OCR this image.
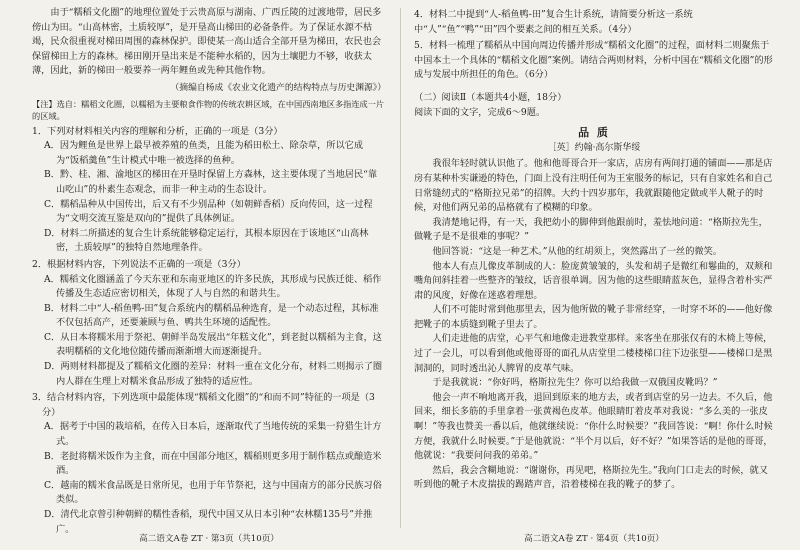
由于“糯稻文化圈”的地理位置处于云贵高原与湖南、广西丘陵的过渡地带，居民多傍山为田。“山高林密，土质较厚”，是开垦高山梯田的必备条件。为了保证水源不枯竭，民众很重视对梯田周围的森林保护。即使某一高山适合全部开垦为梯田，农民也会保留梯田上方的森林。梯田刚开垦出来是不能种水稻的，因为土壤肥力不够，收获太薄，因此，新的梯田一般要养一两年鲤鱼或先种其他作物。

（摘编自杨成《农业文化遗产的结构特点与历史渊源》）

【注】选自：糯稻文化圈，以糯稻为主要粮食作物的传统农耕区域，在中国西南地区多指连成一片的区域。

1．下列对材料相关内容的理解和分析，正确的一项是（3分）

A．因为鲤鱼是世界上最早被养殖的鱼类，且能为稻田松土、除杂草，所以它成为“饭稻羹鱼”生计模式中唯一被选择的鱼种。

B．黔、桂、湘、渝地区的梯田在开垦时保留上方森林，这主要体现了当地居民“靠山吃山”的朴素生态观念，而非一种主动的生态设计。

C．糯稻品种从中国传出，后又有不少别品种（如朝鲜香稻）反向传回，这一过程为“文明交流互鉴是双向的”提供了具体例证。

D．材料二所描述的复合生计系统能够稳定运行，其根本原因在于该地区“山高林密，土质较厚”的独特自然地理条件。

2．根据材料内容，下列说法不正确的一项是（3分）

A．糯稻文化圈涵盖了今天东亚和东南亚地区的许多民族，其形成与民族迁徙、稻作传播及生态适应密切相关，体现了人与自然的和谐共生。

B．材料二中“人-稻鱼鸭-田”复合系统内的糯稻品种选育，是一个动态过程，其标准不仅包括高产，还要兼顾与鱼、鸭共生环境的适配性。

C．从日本将糯米用于祭祀、朝鲜半岛发展出“年糕文化”，到老挝以糯稻为主食，这表明糯稻的文化地位随传播而渐渐增大而逐渐提升。

D．两则材料都提及了糯稻文化圈的差异：材料一重在文化分布，材料二则揭示了圈内人群在生理上对糯米食品形成了独特的适应性。

3．结合材料内容，下列选项中最能体现“糯稻文化圈”的“和而不同”特征的一项是（3分）

A．据考于中国的栽培稻，在传入日本后，逐渐取代了当地传统的采集一狩猎生计方式。

B．老挝将糯米饭作为主食，而在中国部分地区，糯稻则更多用于制作糕点或酿造米酒。

C．越南的糯米食品既是日常所见，也用于年节祭祀，这与中国南方的部分民族习俗类似。

D．清代北京曾引种朝鲜的糯性香稻，现代中国又从日本引种“农林糯135号”并推广。

4．材料二中提到“人-稻鱼鸭-田”复合生计系统，请简要分析这一系统中“人”“鱼”“鸭”“田”四个要素之间的相互关系。（4分）

5．材料一梳理了糯稻从中国向周边传播并形成“糯稻文化圈”的过程，面材料二则聚焦于中国本土一个具体的“糯稻文化圈”案例。请结合两则材料，分析中国在“糯稻文化圈”的形成与发展中所担任的角色。（6分）

（二）阅读Ⅱ（本题共4小题，18分）

阅读下面的文字，完成6～9题。

品 质

［英］约翰·高尔斯华绥

我很年轻时就认识他了。他和他哥哥合开一家店，店房有两间打通的铺面——那是店房有某种朴实谦逊的特色，门面上没有注明任何为王室服务的标记，只有自家姓名和自己日常缝纫式的“格斯拉兄弟”的招牌。大约十四岁那年，我就跟随他定做或半人靴子的时候，对他们两兄弟的品格就有了模糊的印象。

我清楚地记得，有一天，我把幼小的脚伸到他跟前时，羞怯地问道：“格斯拉先生，做靴子是不是很难的事呢？”

他回答说：“这是一种艺术。”从他的红胡须上，突然露出了一丝的微笑。

他本人有点儿像皮革制成的人：脸庞黄皱皱的，头发和胡子是微红和鬈曲的，双颊和嘴角间斜挂着一些整齐的皱纹，话音很单调。因为他的这些眼睛蓝灰色，显得含着朴实严肃的风度，好像在迷惑着理想。

人们不可能时常到他那里去，因为他所做的靴子非常经穿，一时穿不坏的——他好像把靴子的本质缝到靴子里去了。

人们走进他的店堂，心平气和地像走进教堂那样。来客坐在那张仅有的木椅上等候，过了一会儿，可以看到他或他哥哥的面孔从店堂里二楼楼梯口往下边张望——楼梯口是黑洞洞的，同时透出沁人脾胃的皮革气味。

于是我就说：“你好吗，格斯拉先生？你可以给我做一双俄国皮靴吗？”

他会一声不响地离开我，退回到原来的地方去，或者到店堂的另一边去。不久后，他回来，细长多筋的手里拿着一张黄褐色皮革。他眼睛盯着皮革对我说：“多么美的一张皮啊！”等我也赞美一番以后，他就继续说：“你什么时候要？”我回答说：“啊！你什么时候方便，我就什么时候要。”于是他就说：“半个月以后，好不好？”如果答话的是他的哥哥，他就说：“我要问问我的弟弟。”

然后，我会含糊地说：“谢谢你，再见吧，格斯拉先生。”我向门口走去的时候，就又听到他的靴子木皮揣拔的踢踏声音，沿着楼梯在我的靴子的梦了。

高二语文A卷 ZT · 第3页（共10页）	高二语文A卷 ZT · 第4页（共10页）
